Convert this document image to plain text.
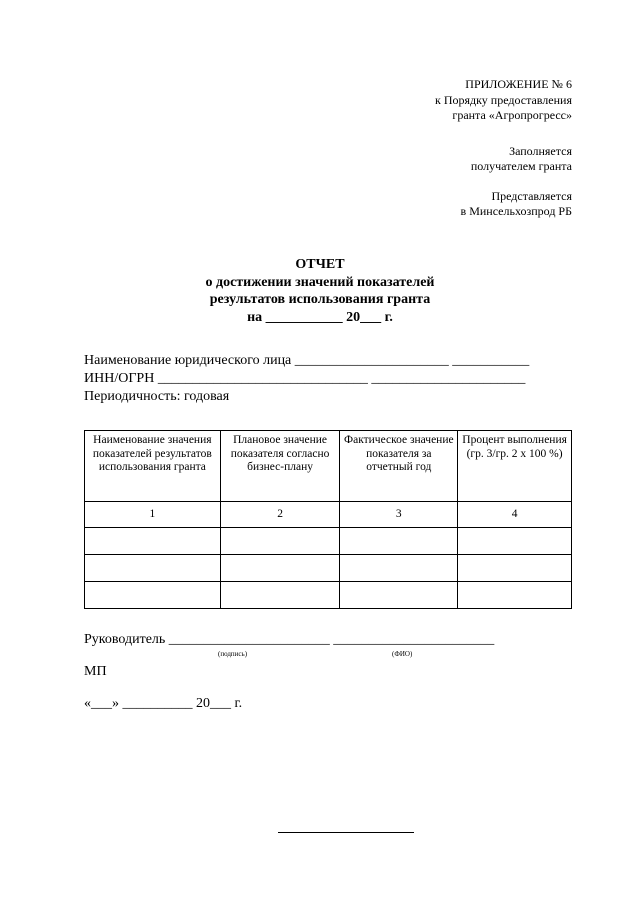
ПРИЛОЖЕНИЕ № 6
к Порядку предоставления
гранта «Агропрогресс»
Заполняется
получателем гранта
Представляется
в Минсельхозпрод РБ
ОТЧЕТ
о достижении значений показателей
результатов использования гранта
на ___________ 20___ г.
Наименование юридического лица ______________________ ___________
ИНН/ОГРН ______________________________ ______________________
Периодичность: годовая
Наименование значения показателей результатов использования гранта	Плановое значение показателя согласно бизнес-плану	Фактическое значение показателя за отчетный год	Процент выполнения (гр. 3/гр. 2 х 100 %)
1	2	3	4

Руководитель _______________________ _______________________
(подпись)	(ФИО)
МП
«___» __________ 20___ г.
